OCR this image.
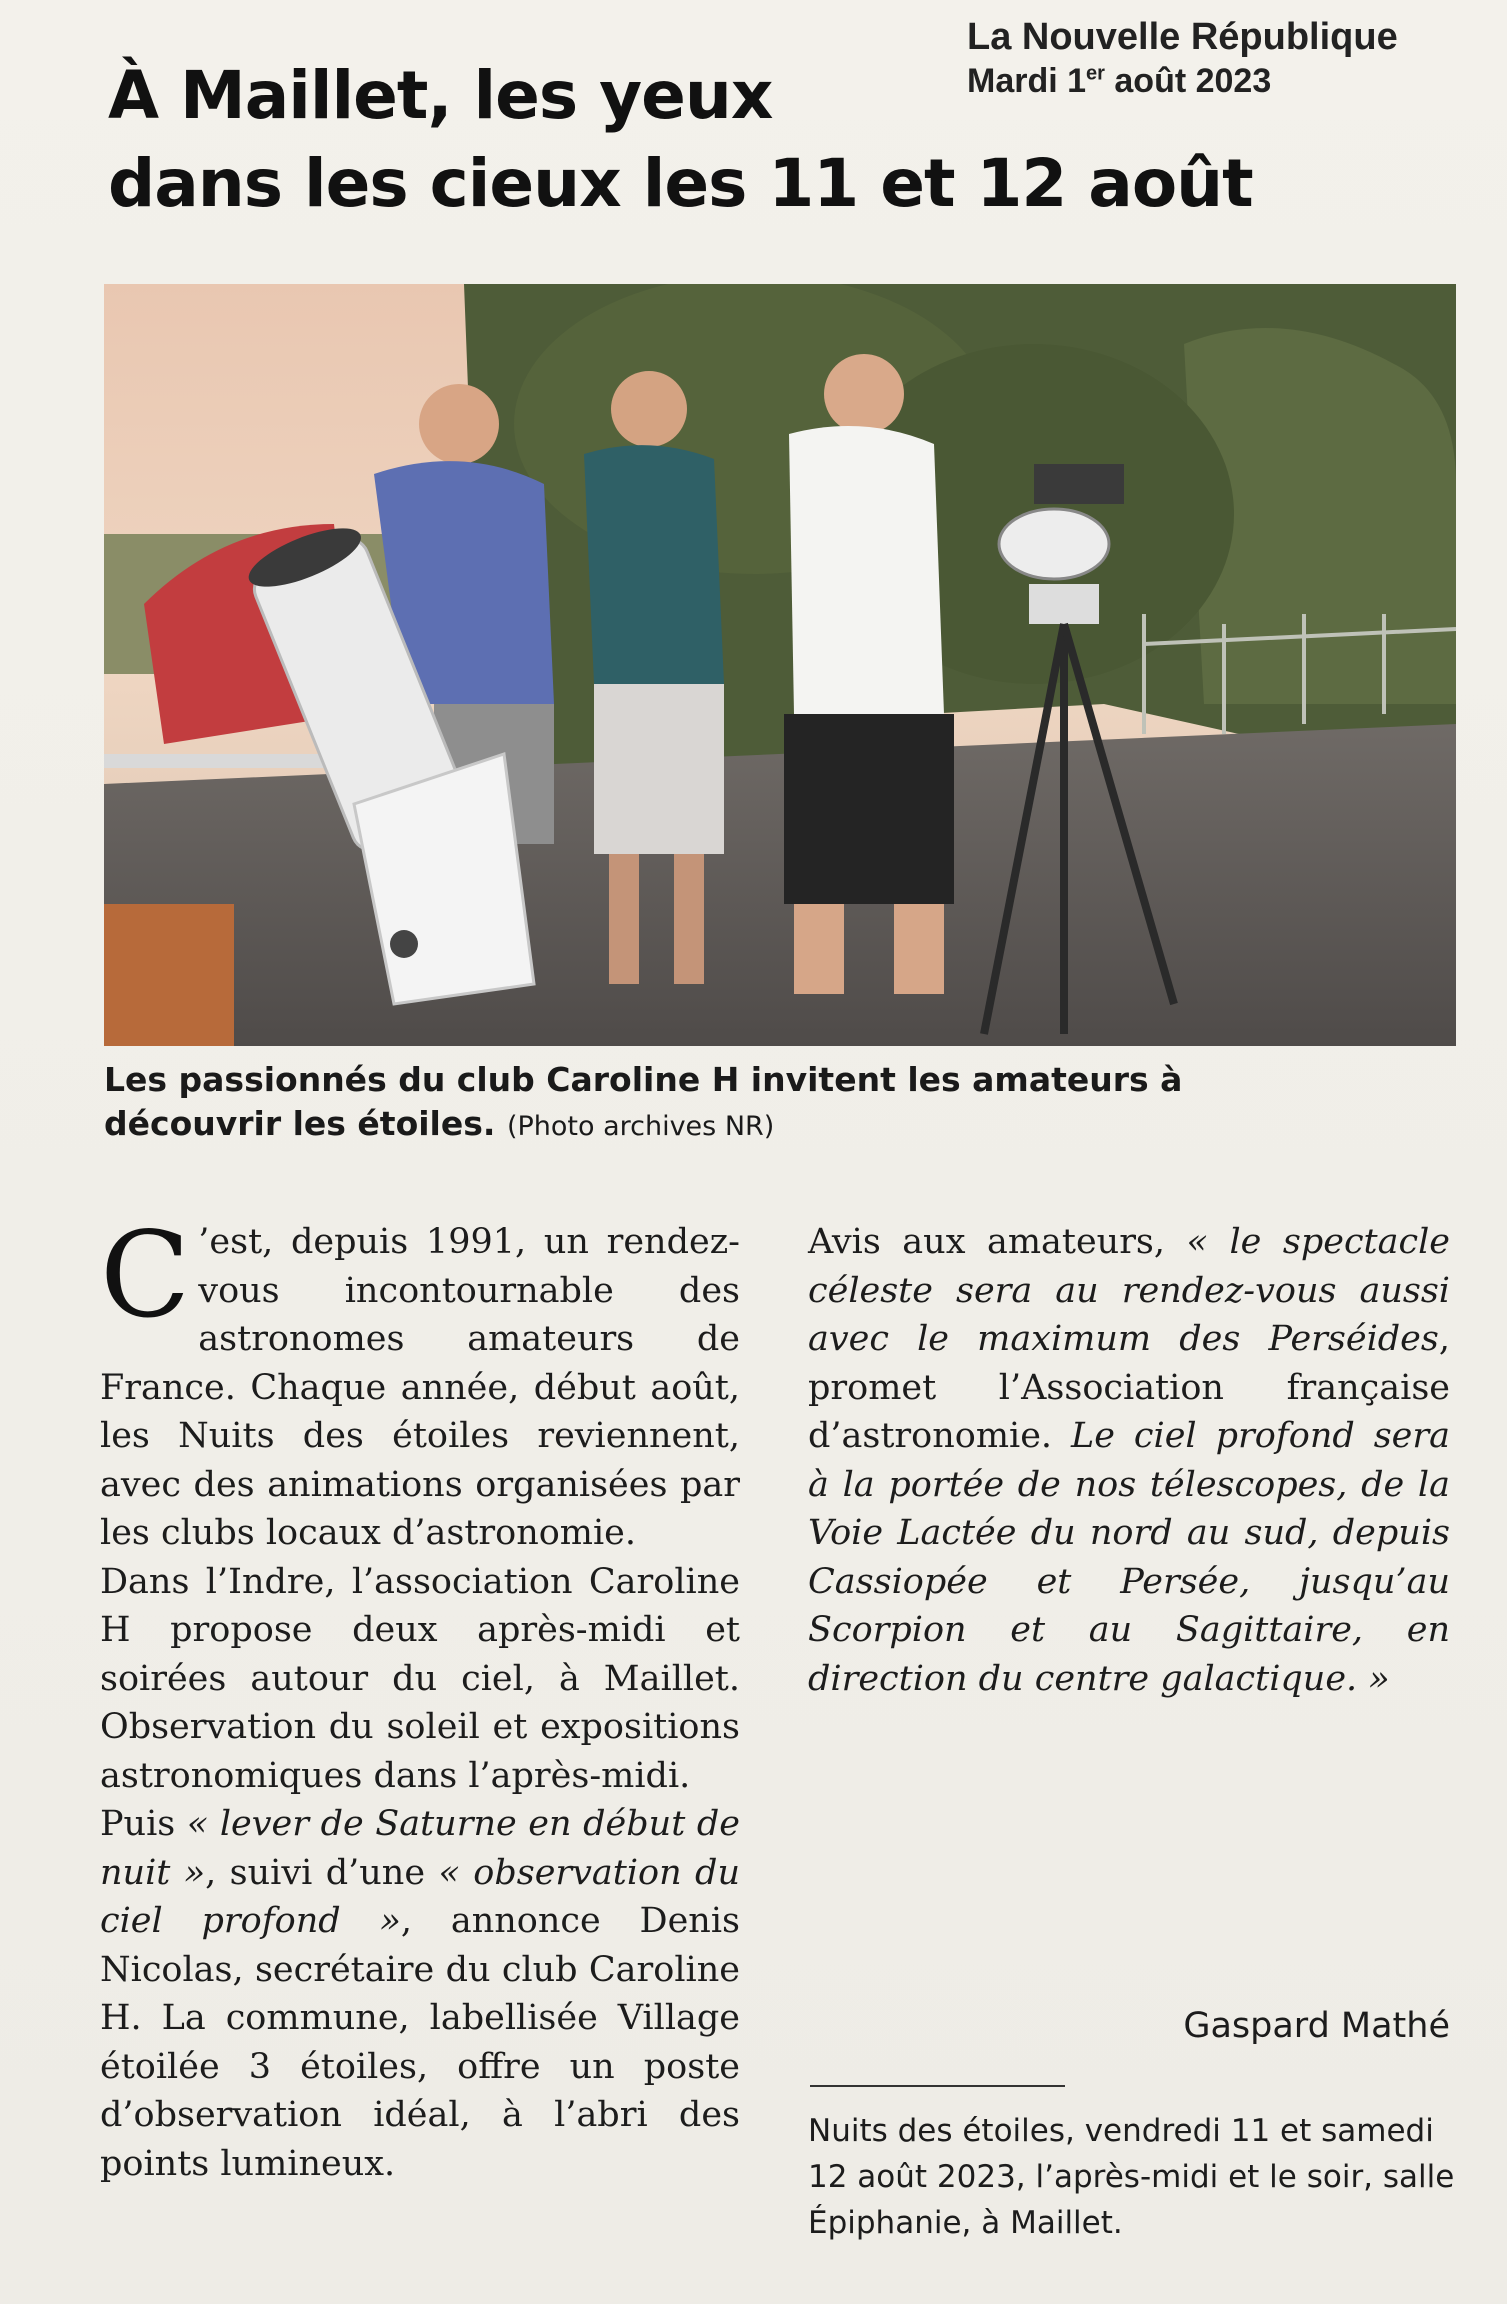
La Nouvelle République
Mardi 1er août 2023
À Maillet, les yeux
dans les cieux les 11 et 12 août
Les passionnés du club Caroline H invitent les amateurs à découvrir les étoiles. (Photo archives NR)

C ’est, depuis 1991, un rendez-vous incontournable des astronomes amateurs de France. Chaque année, début août, les Nuits des étoiles reviennent, avec des animations organisées par les clubs locaux d’astronomie.

Dans l’Indre, l’association Caroline H propose deux après-midi et soirées autour du ciel, à Maillet. Observation du soleil et expositions astronomiques dans l’après-midi.

Puis « lever de Saturne en début de nuit », suivi d’une « observation du ciel profond », annonce Denis Nicolas, secrétaire du club Caroline H. La commune, labellisée Village étoilée 3 étoiles, offre un poste d’observation idéal, à l’abri des points lumineux.

Avis aux amateurs, « le spectacle céleste sera au rendez-vous aussi avec le maximum des Perséides, promet l’Association française d’astronomie. Le ciel profond sera à la portée de nos télescopes, de la Voie Lactée du nord au sud, depuis Cassiopée et Persée, jusqu’au Scorpion et au Sagittaire, en direction du centre galactique. »

Gaspard Mathé
Nuits des étoiles, vendredi 11 et samedi 12 août 2023, l’après-midi et le soir, salle Épiphanie, à Maillet.
